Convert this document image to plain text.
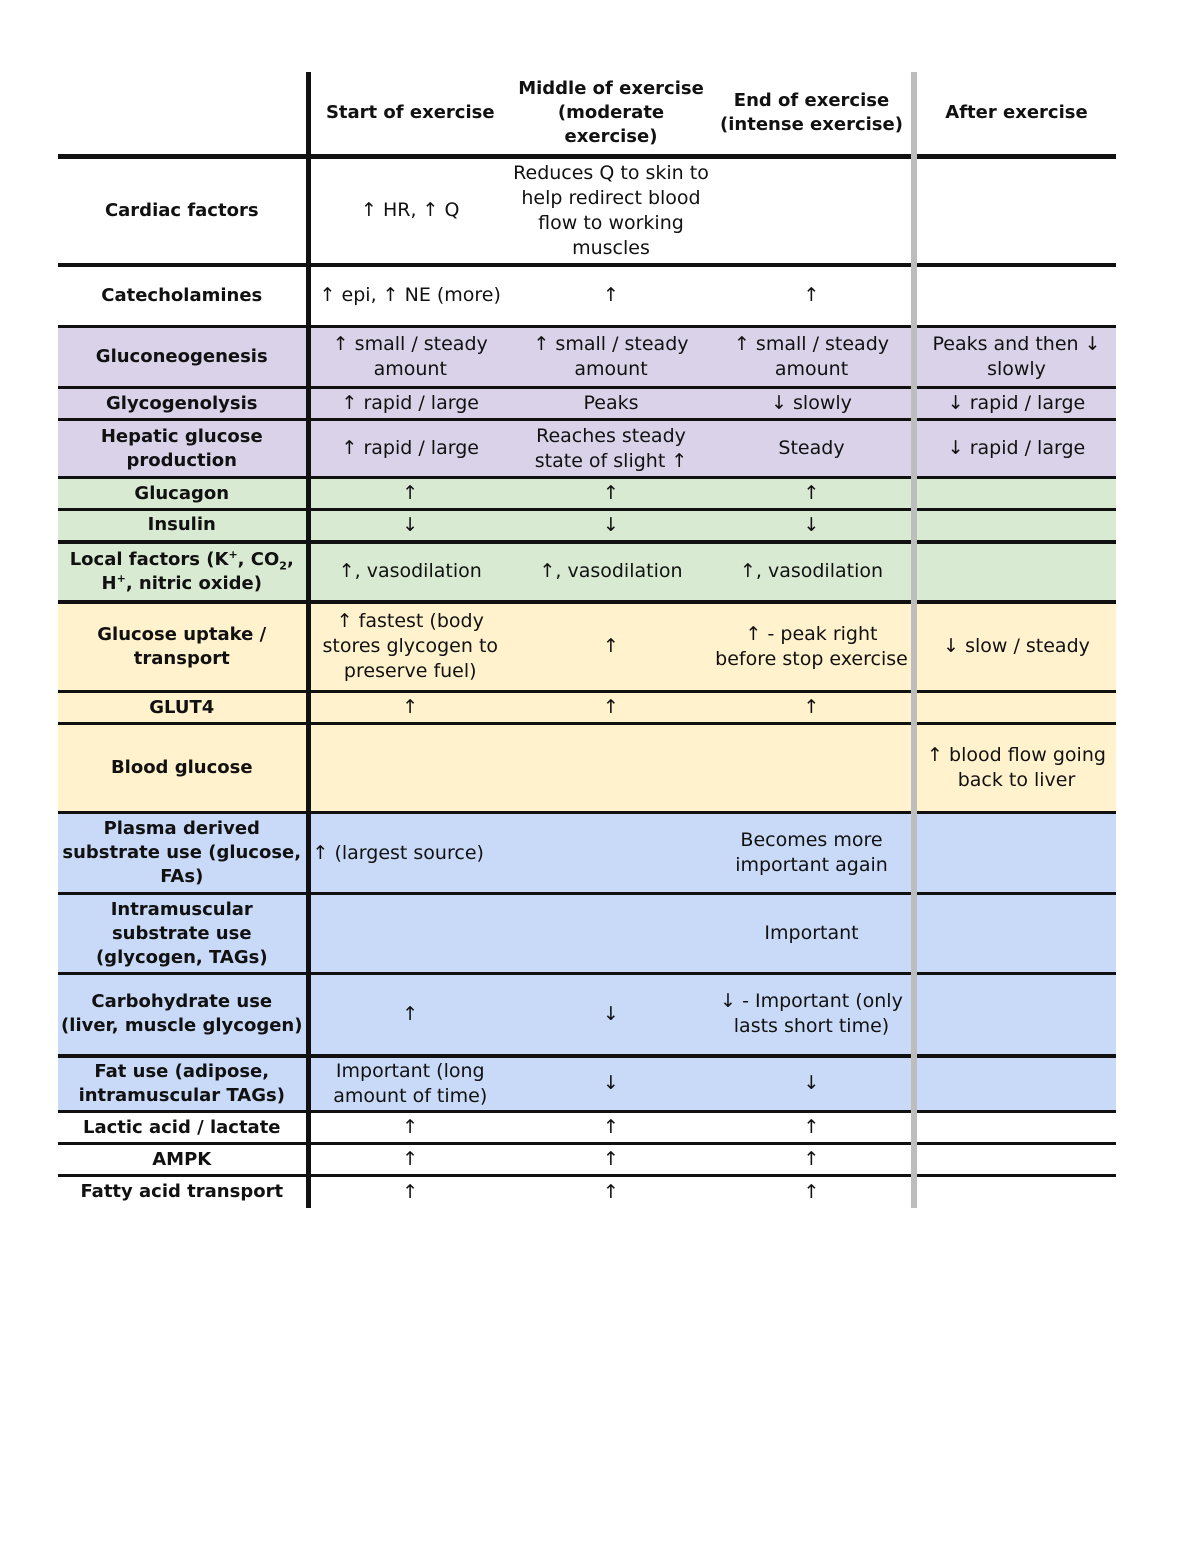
	Start of exercise	Middle of exercise (moderate exercise)	End of exercise (intense exercise)	After exercise
Cardiac factors	↑ HR, ↑ Q	Reduces Q to skin to help redirect blood flow to working muscles		
Catecholamines	↑ epi, ↑ NE (more)	↑	↑	
Gluconeogenesis	↑ small / steady amount	↑ small / steady amount	↑ small / steady amount	Peaks and then ↓ slowly
Glycogenolysis	↑ rapid / large	Peaks	↓ slowly	↓ rapid / large
Hepatic glucose production	↑ rapid / large	Reaches steady state of slight ↑	Steady	↓ rapid / large
Glucagon	↑	↑	↑	
Insulin	↓	↓	↓	
Local factors (K+, $CO_2$,
H+, nitric oxide)	↑, vasodilation	↑, vasodilation	↑, vasodilation	
Glucose uptake / transport	↑ fastest (body stores glycogen to preserve fuel)	↑	↑ - peak right before stop exercise	↓ slow / steady
GLUT4	↑	↑	↑	
Blood glucose				↑ blood flow going back to liver
Plasma derived substrate use (glucose, FAs)	↑ (largest source)		Becomes more important again	
Intramuscular substrate use (glycogen, TAGs)			Important	
Carbohydrate use (liver, muscle glycogen)	↑	↓	↓ - Important (only lasts short time)	
Fat use (adipose, intramuscular TAGs)	Important (long amount of time)	↓	↓	
Lactic acid / lactate	↑	↑	↑	
AMPK	↑	↑	↑	
Fatty acid transport	↑	↑	↑	
